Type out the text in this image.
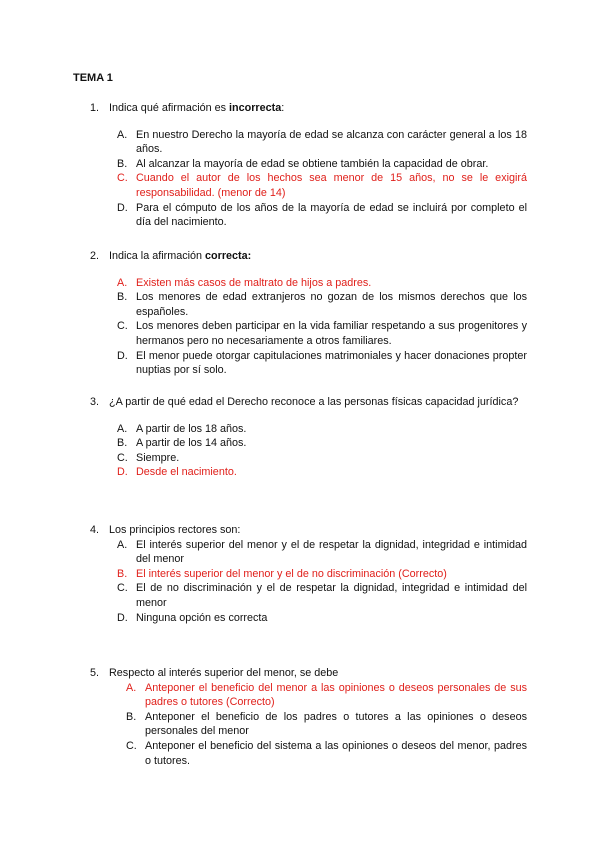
TEMA 1
1. Indica qué afirmación es incorrecta:
A. En nuestro Derecho la mayoría de edad se alcanza con carácter general a los 18 años.
B. Al alcanzar la mayoría de edad se obtiene también la capacidad de obrar.
C. Cuando el autor de los hechos sea menor de 15 años, no se le exigirá responsabilidad. (menor de 14)
D. Para el cómputo de los años de la mayoría de edad se incluirá por completo el día del nacimiento.
2. Indica la afirmación correcta:
A. Existen más casos de maltrato de hijos a padres.
B. Los menores de edad extranjeros no gozan de los mismos derechos que los españoles.
C. Los menores deben participar en la vida familiar respetando a sus progenitores y hermanos pero no necesariamente a otros familiares.
D. El menor puede otorgar capitulaciones matrimoniales y hacer donaciones propter nuptias por sí solo.
3. ¿A partir de qué edad el Derecho reconoce a las personas físicas capacidad jurídica?
A. A partir de los 18 años.
B. A partir de los 14 años.
C. Siempre.
D. Desde el nacimiento.
4. Los principios rectores son:
A. El interés superior del menor y el de respetar la dignidad, integridad e intimidad del menor
B. El interés superior del menor y el de no discriminación (Correcto)
C. El de no discriminación y el de respetar la dignidad, integridad e intimidad del menor
D. Ninguna opción es correcta
5. Respecto al interés superior del menor, se debe
A. Anteponer el beneficio del menor a las opiniones o deseos personales de sus padres o tutores (Correcto)
B. Anteponer el beneficio de los padres o tutores a las opiniones o deseos personales del menor
C. Anteponer el beneficio del sistema a las opiniones o deseos del menor, padres o tutores.
